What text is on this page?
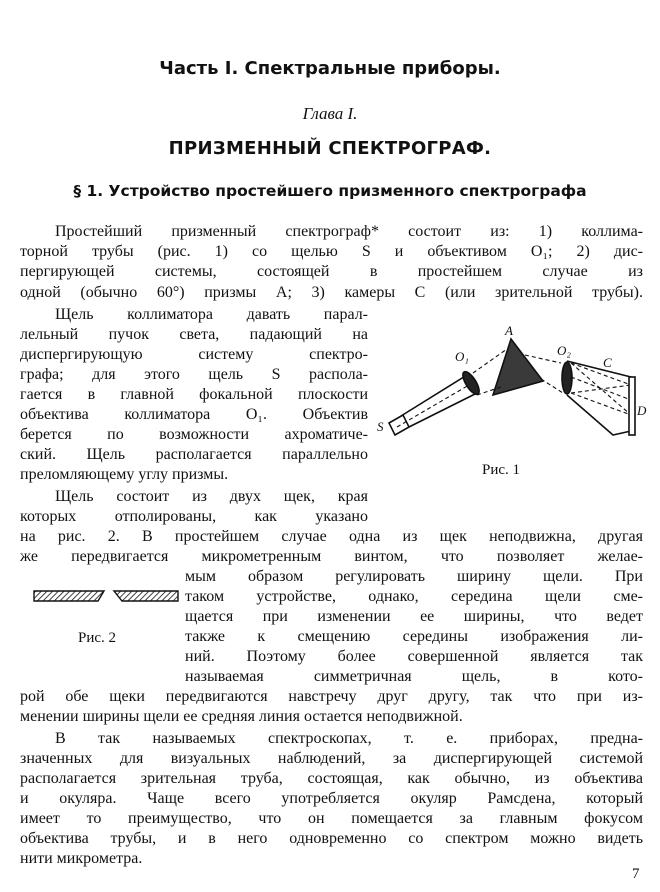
Часть I. Спектральные приборы.
Глава I.
ПРИЗМЕННЫЙ СПЕКТРОГРАФ.
§ 1. Устройство простейшего призменного спектрографа
Простейший призменный спектрограф* состоит из: 1) коллима-
торной трубы (рис. 1) со щелью S и объективом O₁; 2) дис-
пергирующей системы, состоящей в простейшем случае из
одной (обычно 60°) призмы A; 3) камеры C (или зрительной трубы).
Щель коллиматора давать парал-
лельный пучок света, падающий на
диспергирующую систему спектро-
графа; для этого щель S распола-
гается в главной фокальной плоскости
объектива коллиматора O₁. Объектив
берется по возможности ахроматиче-
ский. Щель располагается параллельно
преломляющему углу призмы.
Щель состоит из двух щек, края
которых отполированы, как указано
на рис. 2. В простейшем случае одна из щек неподвижна, другая
же передвигается микрометренным винтом, что позволяет желае-
мым образом регулировать ширину щели. При
таком устройстве, однако, середина щели сме-
щается при изменении ее ширины, что ведет
также к смещению середины изображения ли-
ний. Поэтому более совершенной является так
называемая симметричная щель, в кото-
рой обе щеки передвигаются навстречу друг другу, так что при из-
менении ширины щели ее средняя линия остается неподвижной.
В так называемых спектроскопах, т. е. приборах, предна-
значенных для визуальных наблюдений, за диспергирующей системой
располагается зрительная труба, состоящая, как обычно, из объектива
и окуляра. Чаще всего употребляется окуляр Рамсдена, который
имеет то преимущество, что он помещается за главным фокусом
объектива трубы, и в него одновременно со спектром можно видеть
нити микрометра.
S
O₁
A
O₂
C
D
Рис. 1
Рис. 2
7
